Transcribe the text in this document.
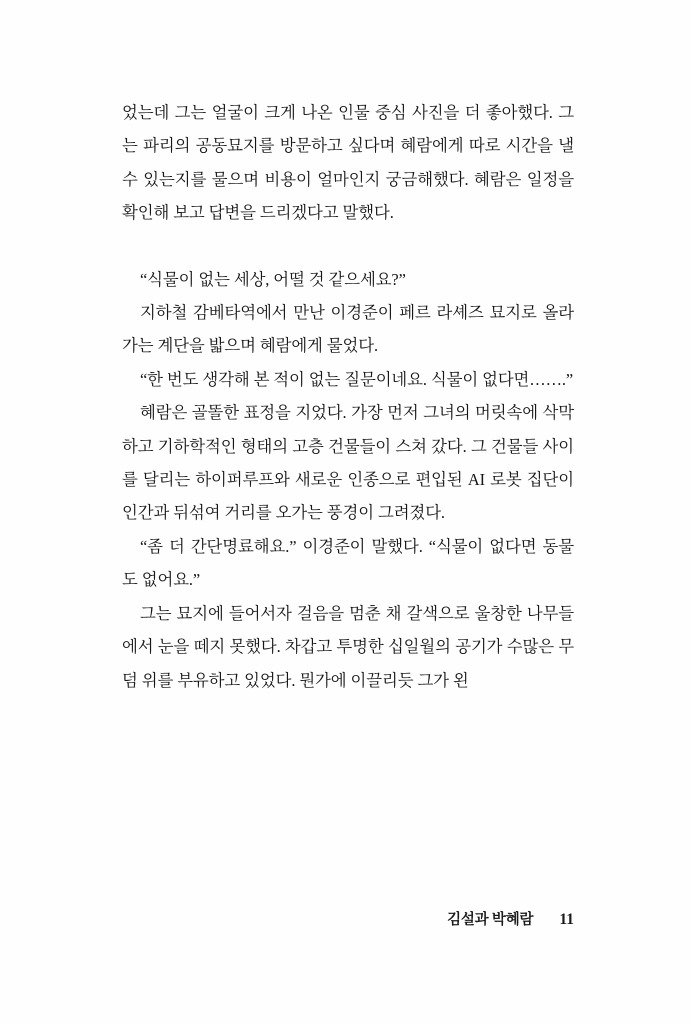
었는데 그는 얼굴이 크게 나온 인물 중심 사진을 더 좋아했다. 그는 파리의 공동묘지를 방문하고 싶다며 혜람에게 따로 시간을 낼 수 있는지를 물으며 비용이 얼마인지 궁금해했다. 혜람은 일정을 확인해 보고 답변을 드리겠다고 말했다.

“식물이 없는 세상, 어떨 것 같으세요?”

지하철 감베타역에서 만난 이경준이 페르 라셰즈 묘지로 올라가는 계단을 밟으며 혜람에게 물었다.

“한 번도 생각해 본 적이 없는 질문이네요. 식물이 없다면…….”

혜람은 골똘한 표정을 지었다. 가장 먼저 그녀의 머릿속에 삭막하고 기하학적인 형태의 고층 건물들이 스쳐 갔다. 그 건물들 사이를 달리는 하이퍼루프와 새로운 인종으로 편입된 AI 로봇 집단이 인간과 뒤섞여 거리를 오가는 풍경이 그려졌다.

“좀 더 간단명료해요.” 이경준이 말했다. “식물이 없다면 동물도 없어요.”

그는 묘지에 들어서자 걸음을 멈춘 채 갈색으로 울창한 나무들에서 눈을 떼지 못했다. 차갑고 투명한 십일월의 공기가 수많은 무덤 위를 부유하고 있었다. 뭔가에 이끌리듯 그가 왼

김설과 박혜람 11
